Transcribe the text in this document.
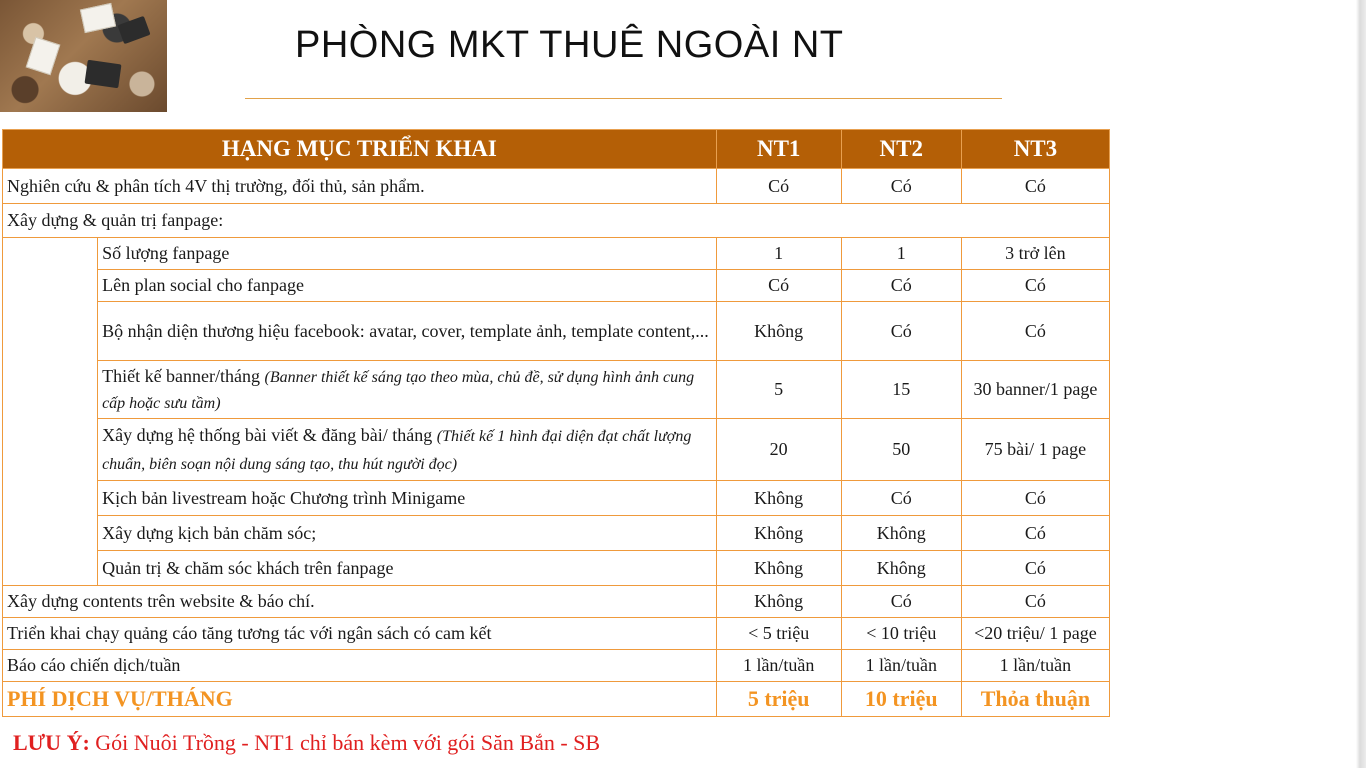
PHÒNG MKT THUÊ NGOÀI NT
HẠNG MỤC TRIỂN KHAI		NT1	NT2	NT3
Nghiên cứu & phân tích 4V thị trường, đối thủ, sản phẩm.		Có	Có	Có
Xây dựng & quản trị fanpage:				
	Số lượng fanpage	1	1	3 trở lên
	Lên plan social cho fanpage	Có	Có	Có
	Bộ nhận diện thương hiệu facebook: avatar, cover, template ảnh, template content,...	Không	Có	Có
	Thiết kế banner/tháng (Banner thiết kế sáng tạo theo mùa, chủ đề, sử dụng hình ảnh cung cấp hoặc sưu tầm)	5	15	30 banner/1 page
	Xây dựng hệ thống bài viết & đăng bài/ tháng (Thiết kế 1 hình đại diện đạt chất lượng chuẩn, biên soạn nội dung sáng tạo, thu hút người đọc)	20	50	75 bài/ 1 page
	Kịch bản livestream hoặc Chương trình Minigame	Không	Có	Có
	Xây dựng kịch bản chăm sóc;	Không	Không	Có
	Quản trị & chăm sóc khách trên fanpage	Không	Không	Có
Xây dựng contents trên website & báo chí.		Không	Có	Có
Triển khai chạy quảng cáo tăng tương tác với ngân sách có cam kết		< 5 triệu	< 10 triệu	<20 triệu/ 1 page
Báo cáo chiến dịch/tuần		1 lần/tuần	1 lần/tuần	1 lần/tuần
PHÍ DỊCH VỤ/THÁNG		5 triệu	10 triệu	Thỏa thuận
LƯU Ý: Gói Nuôi Trồng - NT1 chỉ bán kèm với gói Săn Bắn - SB
